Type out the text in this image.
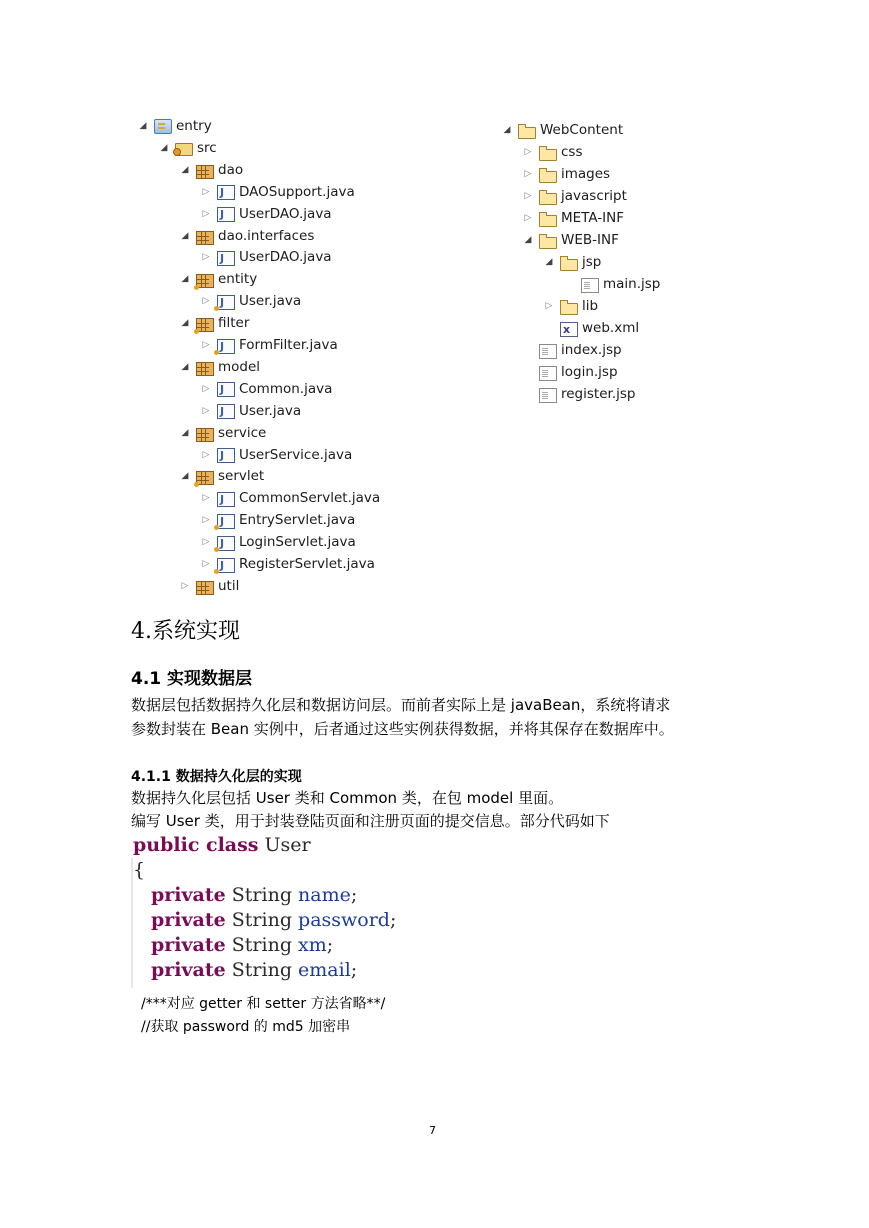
◢ entry
◢ src
◢ dao
▷ J DAOSupport.java
▷ J UserDAO.java
◢ dao.interfaces
▷ J UserDAO.java
◢ entity
▷ J User.java
◢ filter
▷ J FormFilter.java
◢ model
▷ J Common.java
▷ J User.java
◢ service
▷ J UserService.java
◢ servlet
▷ J CommonServlet.java
▷ J EntryServlet.java
▷ J LoginServlet.java
▷ J RegisterServlet.java
▷ util
◢ WebContent
▷ css
▷ images
▷ javascript
▷ META-INF
◢ WEB-INF
◢ jsp
main.jsp
▷ lib
x
web.xml
index.jsp
login.jsp
register.jsp
4.系统实现
4.1 实现数据层
数据层包括数据持久化层和数据访问层。而前者实际上是 javaBean，系统将请求
参数封装在 Bean 实例中，后者通过这些实例获得数据，并将其保存在数据库中。
4.1.1 数据持久化层的实现
数据持久化层包括 User 类和 Common 类，在包 model 里面。
编写 User 类，用于封装登陆页面和注册页面的提交信息。部分代码如下
public class User
{
private String name;
private String password;
private String xm;
private String email;
/***对应 getter 和 setter 方法省略**/
//获取 password 的 md5 加密串
7
